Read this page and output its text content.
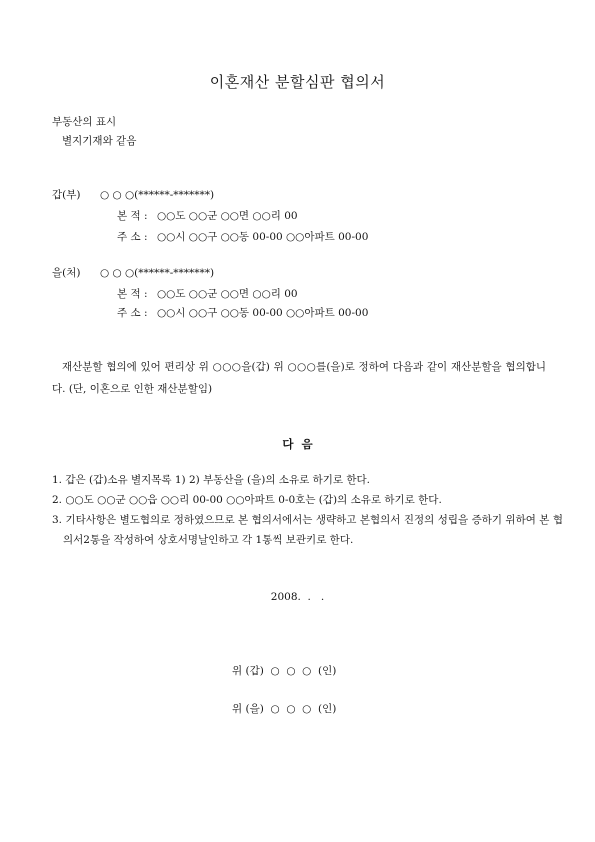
이혼재산 분할심판 협의서
부동산의 표시
별지기재와 같음
갑(부) ○ ○ ○(******-*******)
본 적 : ○○도 ○○군 ○○면 ○○리 00
주 소 : ○○시 ○○구 ○○동 00-00 ○○아파트 00-00
을(처) ○ ○ ○(******-*******)
본 적 : ○○도 ○○군 ○○면 ○○리 00
주 소 : ○○시 ○○구 ○○동 00-00 ○○아파트 00-00
재산분할 협의에 있어 편리상 위 ○○○을(갑) 위 ○○○를(을)로 정하여 다음과 같이 재산분할을 협의합니다. (단, 이혼으로 인한 재산분할임)
다  음
1. 갑은 (갑)소유 별지목록 1) 2) 부동산을 (을)의 소유로 하기로 한다.
2. ○○도 ○○군 ○○읍 ○○리 00-00 ○○아파트 0-0호는 (갑)의 소유로 하기로 한다.
3. 기타사항은 별도협의로 정하였으므로 본 협의서에서는 생략하고 본협의서 진정의 성립을 증하기 위하여 본 협의서2통을 작성하여 상호서명날인하고 각 1통씩 보관키로 한다.
2008.  .   .
위 (갑)  ○  ○  ○  (인)
위 (을)  ○  ○  ○  (인)
